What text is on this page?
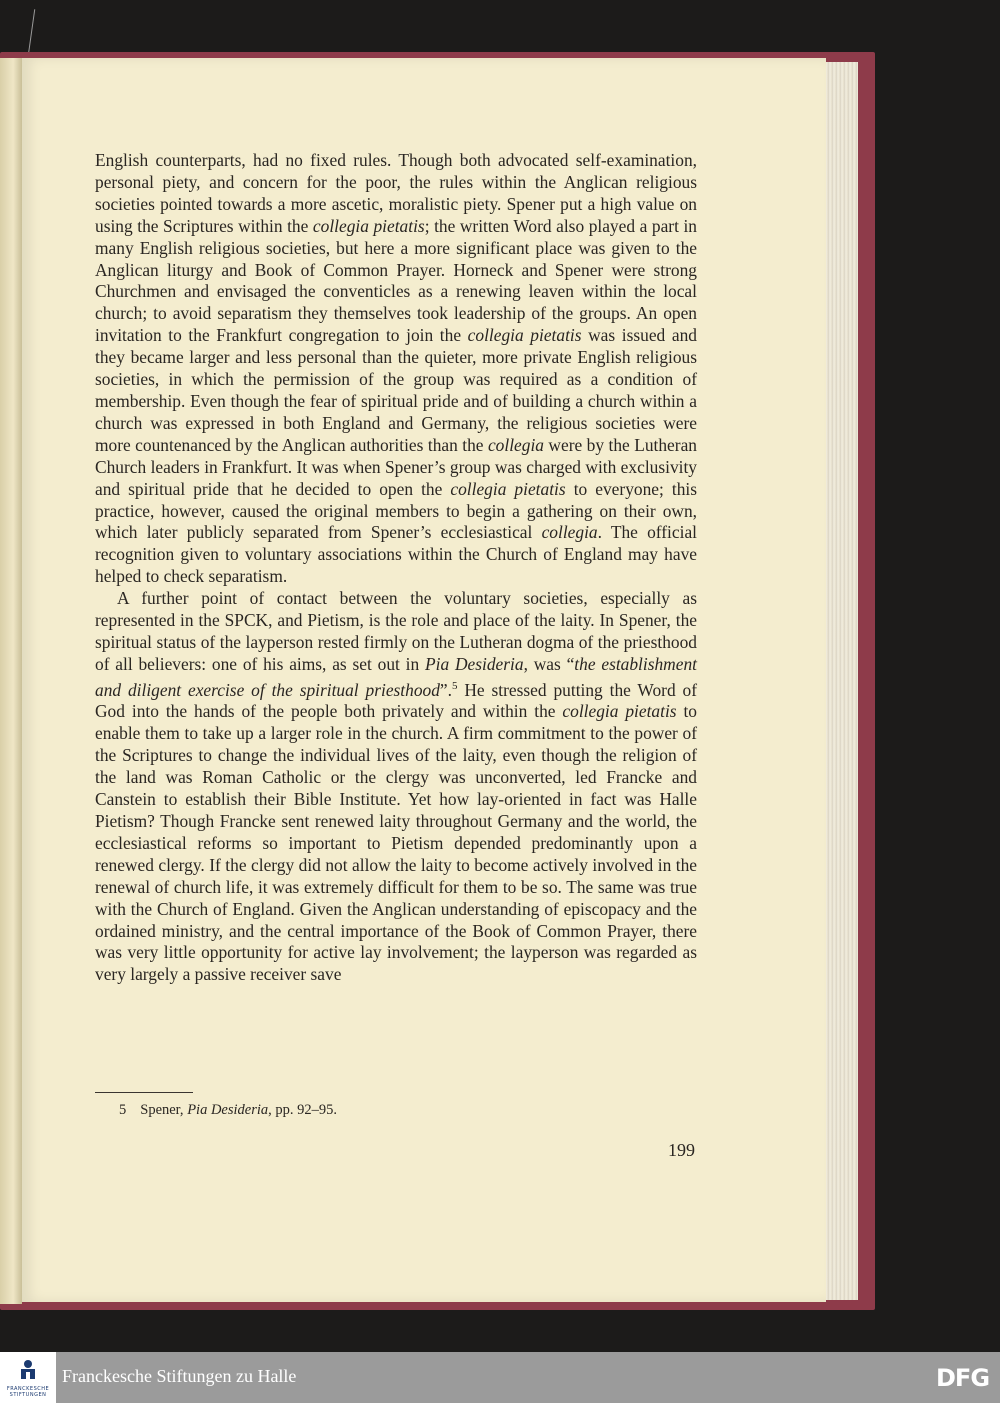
English counterparts, had no fixed rules. Though both advocated self-examination, personal piety, and concern for the poor, the rules within the Anglican religious societies pointed towards a more ascetic, moralistic piety. Spener put a high value on using the Scriptures within the collegia pietatis; the written Word also played a part in many English religious societies, but here a more significant place was given to the Anglican liturgy and Book of Common Prayer. Horneck and Spener were strong Churchmen and envisaged the conventicles as a renewing leaven within the local church; to avoid separatism they themselves took leadership of the groups. An open invitation to the Frankfurt congregation to join the collegia pietatis was issued and they became larger and less personal than the quieter, more private English religious societies, in which the permission of the group was required as a condition of membership. Even though the fear of spiritual pride and of building a church within a church was expressed in both England and Germany, the religious societies were more countenanced by the Anglican authorities than the collegia were by the Lutheran Church leaders in Frankfurt. It was when Spener’s group was charged with exclusivity and spiritual pride that he decided to open the collegia pietatis to everyone; this practice, however, caused the original members to begin a gathering on their own, which later publicly separated from Spener’s ecclesiastical collegia. The official recognition given to voluntary associations within the Church of England may have helped to check separatism.

A further point of contact between the voluntary societies, especially as represented in the SPCK, and Pietism, is the role and place of the laity. In Spener, the spiritual status of the layperson rested firmly on the Lutheran dogma of the priesthood of all believers: one of his aims, as set out in Pia Desideria, was “the establishment and diligent exercise of the spiritual priesthood”.$^5$ He stressed putting the Word of God into the hands of the people both privately and within the collegia pietatis to enable them to take up a larger role in the church. A firm commitment to the power of the Scriptures to change the individual lives of the laity, even though the religion of the land was Roman Catholic or the clergy was unconverted, led Francke and Canstein to establish their Bible Institute. Yet how lay-oriented in fact was Halle Pietism? Though Francke sent renewed laity throughout Germany and the world, the ecclesiastical reforms so important to Pietism depended predominantly upon a renewed clergy. If the clergy did not allow the laity to become actively involved in the renewal of church life, it was extremely difficult for them to be so. The same was true with the Church of England. Given the Anglican understanding of episcopacy and the ordained ministry, and the central importance of the Book of Common Prayer, there was very little opportunity for active lay involvement; the layperson was regarded as very largely a passive receiver save

5 Spener, Pia Desideria, pp. 92–95.
199
FRANCKESCHE STIFTUNGEN
Franckesche Stiftungen zu Halle	DFG
